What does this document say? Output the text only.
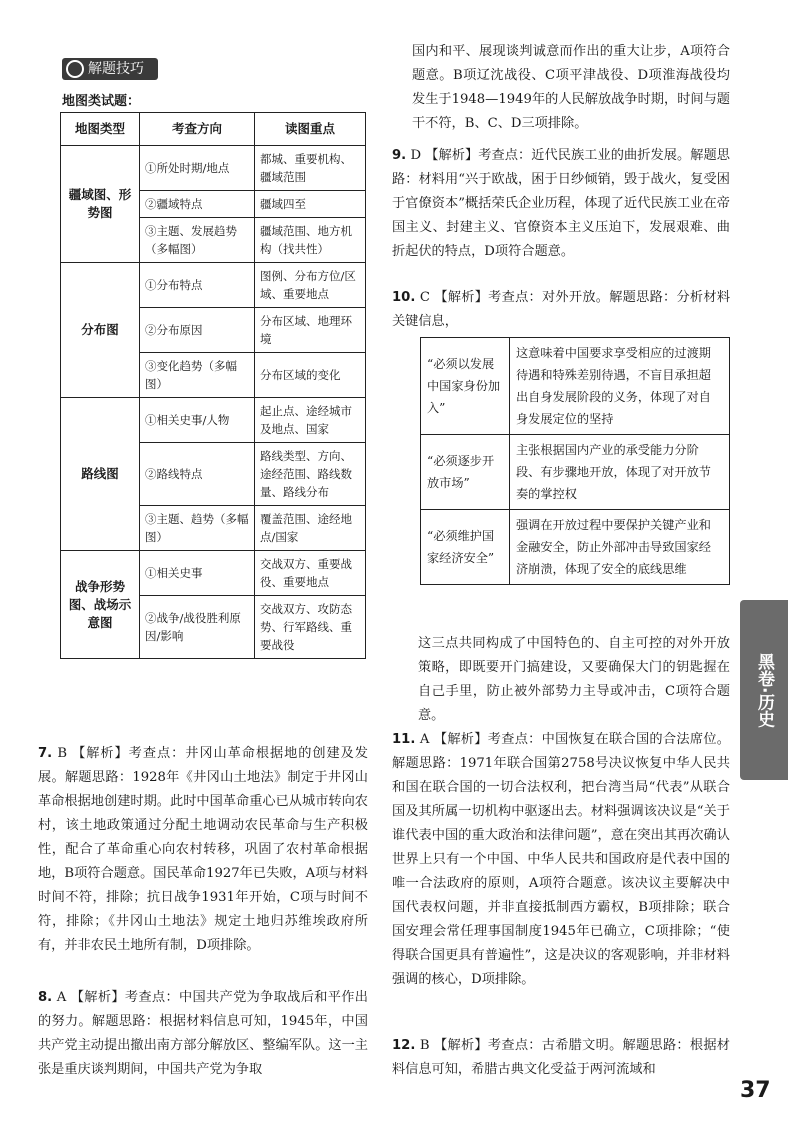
解题技巧
地图类试题：
地图类型	考查方向	读图重点
疆域图、形势图	①所处时期/地点	都城、重要机构、疆域范围
	②疆域特点	疆域四至
	③主题、发展趋势（多幅图）	疆域范围、地方机构（找共性）
分布图	①分布特点	图例、分布方位/区域、重要地点
	②分布原因	分布区域、地理环境
	③变化趋势（多幅图）	分布区域的变化
路线图	①相关史事/人物	起止点、途经城市及地点、国家
	②路线特点	路线类型、方向、途经范围、路线数量、路线分布
	③主题、趋势（多幅图）	覆盖范围、途经地点/国家
战争形势图、战场示意图	①相关史事	交战双方、重要战役、重要地点
	②战争/战役胜利原因/影响	交战双方、攻防态势、行军路线、重要战役
7. B 【解析】考查点：井冈山革命根据地的创建及发展。解题思路：1928年《井冈山土地法》制定于井冈山革命根据地创建时期。此时中国革命重心已从城市转向农村，该土地政策通过分配土地调动农民革命与生产积极性，配合了革命重心向农村转移，巩固了农村革命根据地，B项符合题意。国民革命1927年已失败，A项与材料时间不符，排除；抗日战争1931年开始，C项与时间不符，排除；《井冈山土地法》规定土地归苏维埃政府所有，并非农民土地所有制，D项排除。
8. A 【解析】考查点：中国共产党为争取战后和平作出的努力。解题思路：根据材料信息可知，1945年，中国共产党主动提出撤出南方部分解放区、整编军队。这一主张是重庆谈判期间，中国共产党为争取
国内和平、展现谈判诚意而作出的重大让步，A项符合题意。B项辽沈战役、C项平津战役、D项淮海战役均发生于1948—1949年的人民解放战争时期，时间与题干不符，B、C、D三项排除。
9. D 【解析】考查点：近代民族工业的曲折发展。解题思路：材料用“兴于欧战，困于日纱倾销，毁于战火，复受困于官僚资本”概括荣氏企业历程，体现了近代民族工业在帝国主义、封建主义、官僚资本主义压迫下，发展艰难、曲折起伏的特点，D项符合题意。
10. C 【解析】考查点：对外开放。解题思路：分析材料关键信息，
“必须以发展中国家身份加入”	这意味着中国要求享受相应的过渡期待遇和特殊差别待遇，不盲目承担超出自身发展阶段的义务，体现了对自身发展定位的坚持
“必须逐步开放市场”	主张根据国内产业的承受能力分阶段、有步骤地开放，体现了对开放节奏的掌控权
“必须维护国家经济安全”	强调在开放过程中要保护关键产业和金融安全，防止外部冲击导致国家经济崩溃，体现了安全的底线思维
这三点共同构成了中国特色的、自主可控的对外开放策略，即既要开门搞建设，又要确保大门的钥匙握在自己手里，防止被外部势力主导或冲击，C项符合题意。
11. A 【解析】考查点：中国恢复在联合国的合法席位。解题思路：1971年联合国第2758号决议恢复中华人民共和国在联合国的一切合法权利，把台湾当局“代表”从联合国及其所属一切机构中驱逐出去。材料强调该决议是“关于谁代表中国的重大政治和法律问题”，意在突出其再次确认世界上只有一个中国、中华人民共和国政府是代表中国的唯一合法政府的原则，A项符合题意。该决议主要解决中国代表权问题，并非直接抵制西方霸权，B项排除；联合国安理会常任理事国制度1945年已确立，C项排除；“使得联合国更具有普遍性”，这是决议的客观影响，并非材料强调的核心，D项排除。
12. B 【解析】考查点：古希腊文明。解题思路：根据材料信息可知，希腊古典文化受益于两河流域和
黑卷·历史
37
